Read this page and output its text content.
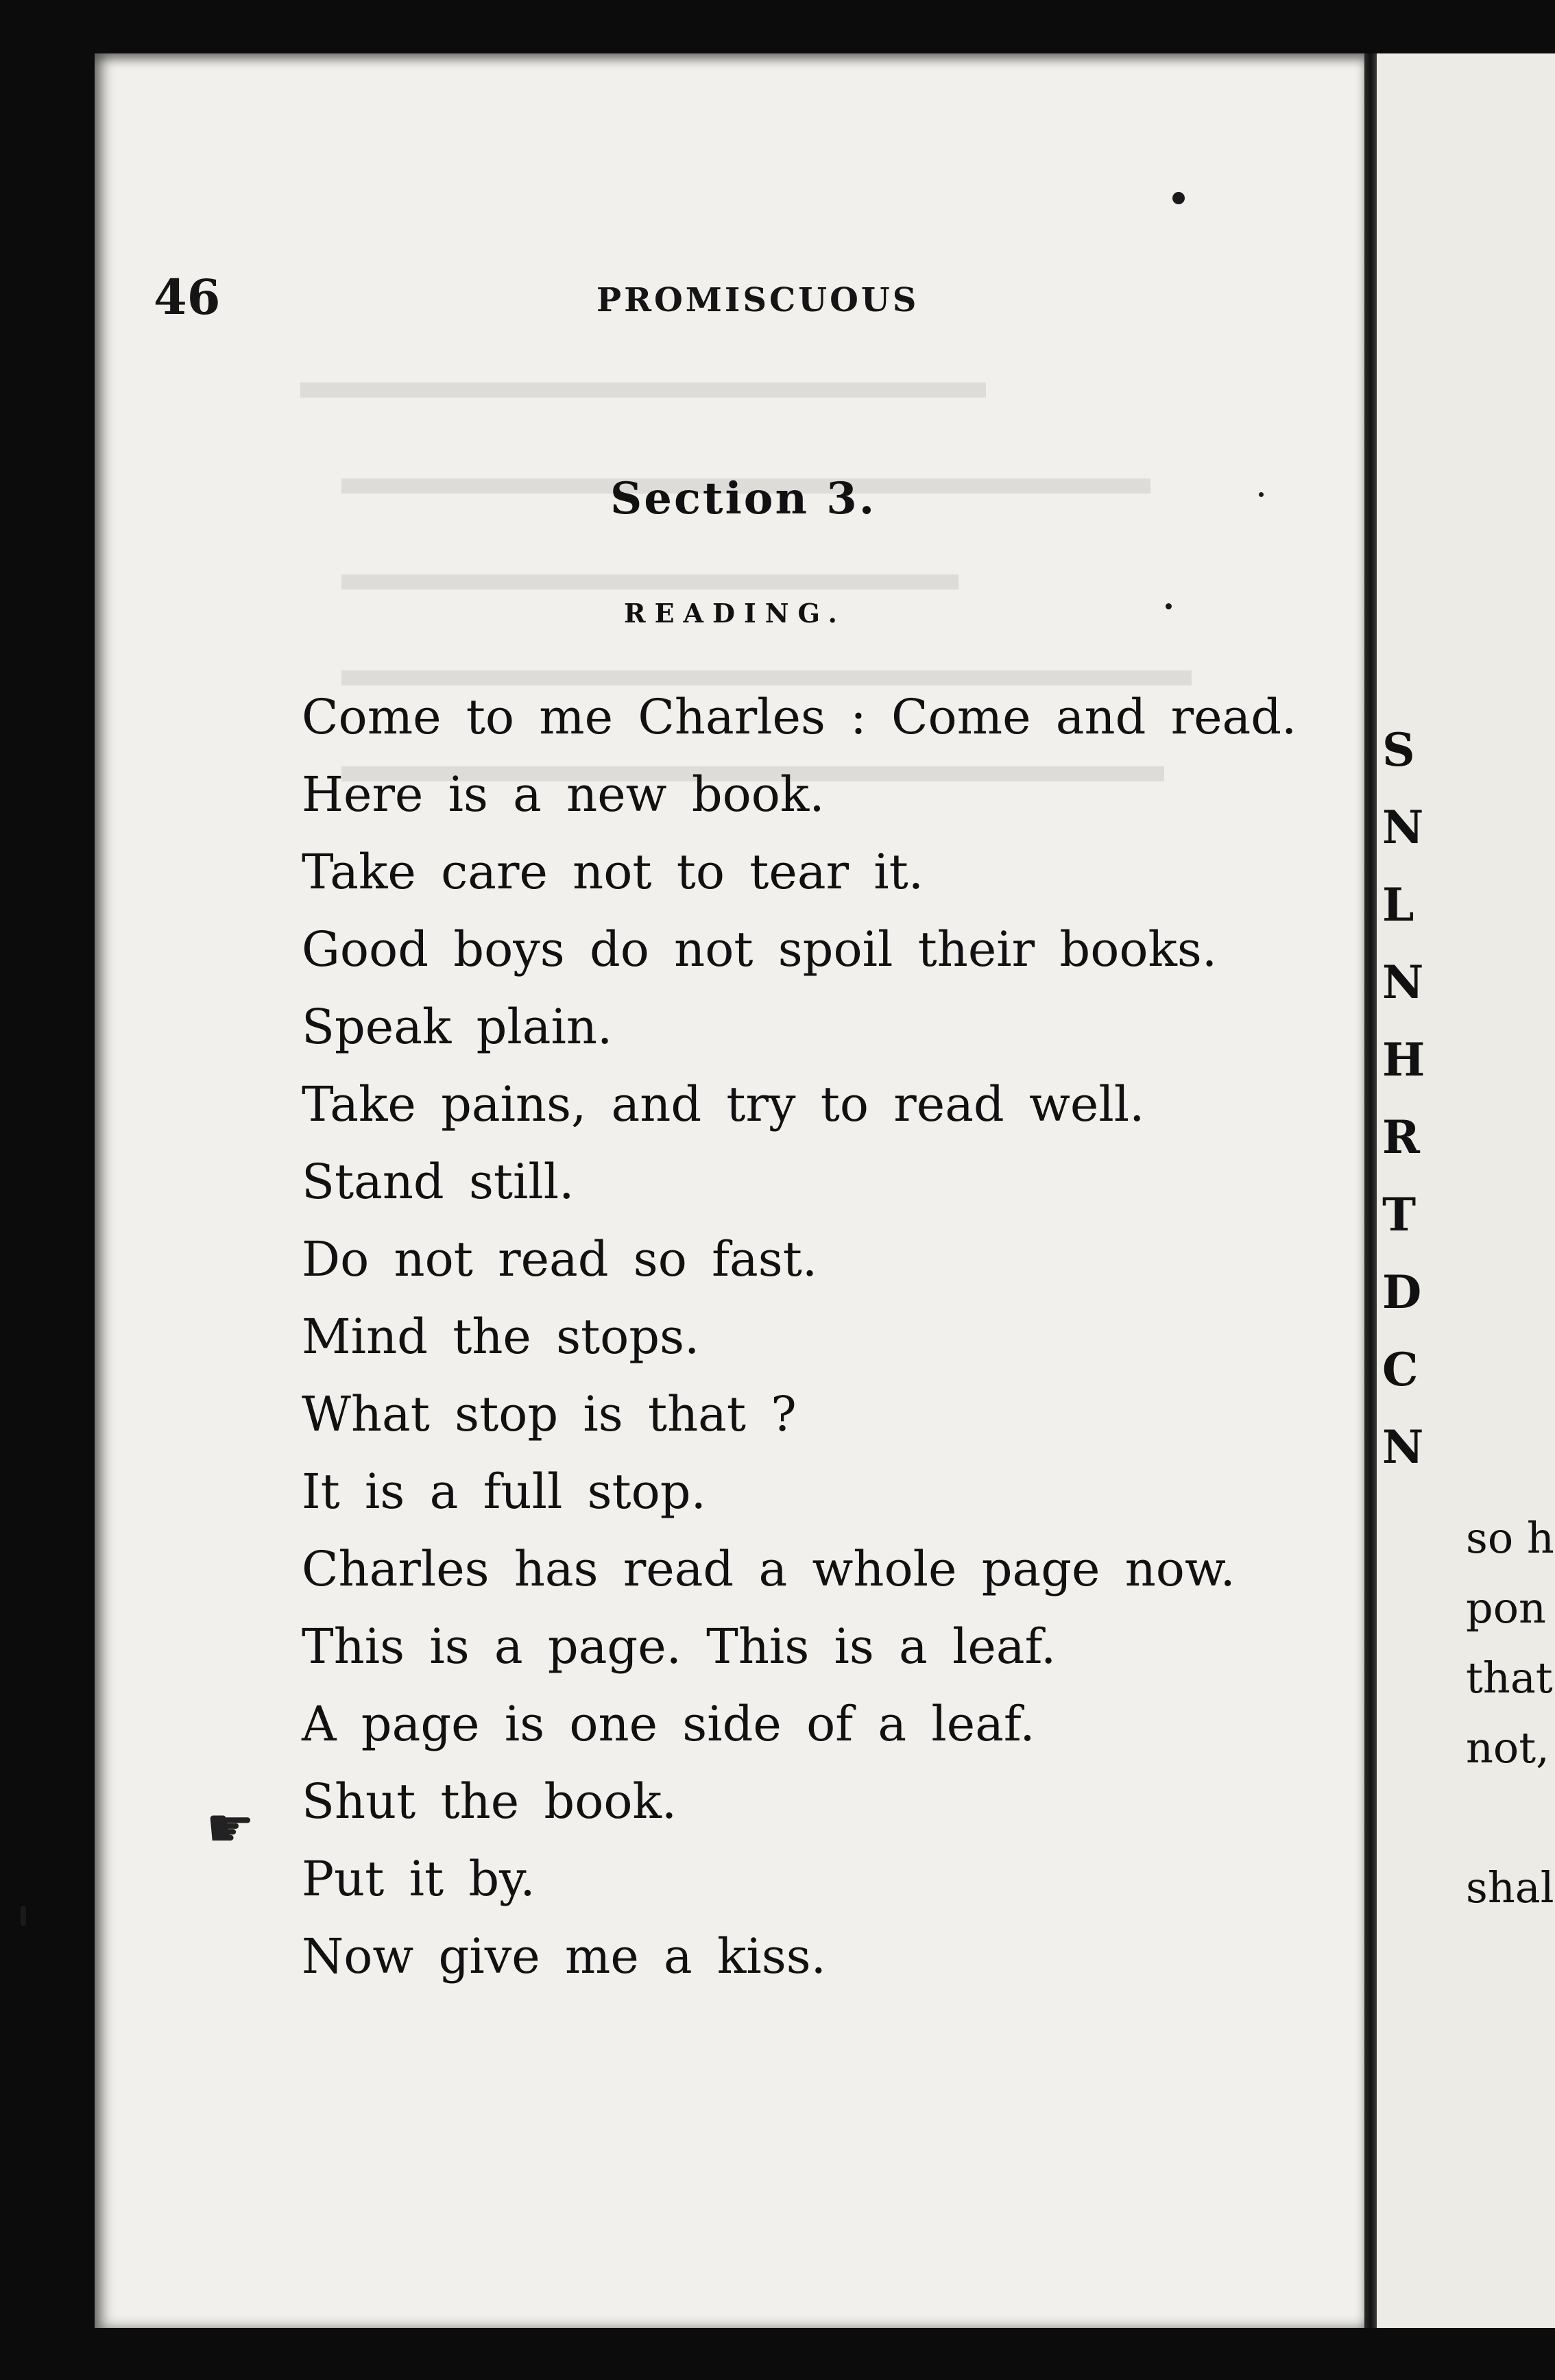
S
N
L
N
H
R
T
D
C
N
so h
pon
that
not,

shal
46	PROMISCUOUS
Section 3.
READING.
Come to me Charles : Come and read.
Here is a new book.
Take care not to tear it.
Good boys do not spoil their books.
Speak plain.
Take pains, and try to read well.
Stand still.
Do not read so fast.
Mind the stops.
What stop is that ?
It is a full stop.
Charles has read a whole page now.
This is a page. This is a leaf.
A page is one side of a leaf.
Shut the book.
Put it by.
Now give me a kiss.
☛
